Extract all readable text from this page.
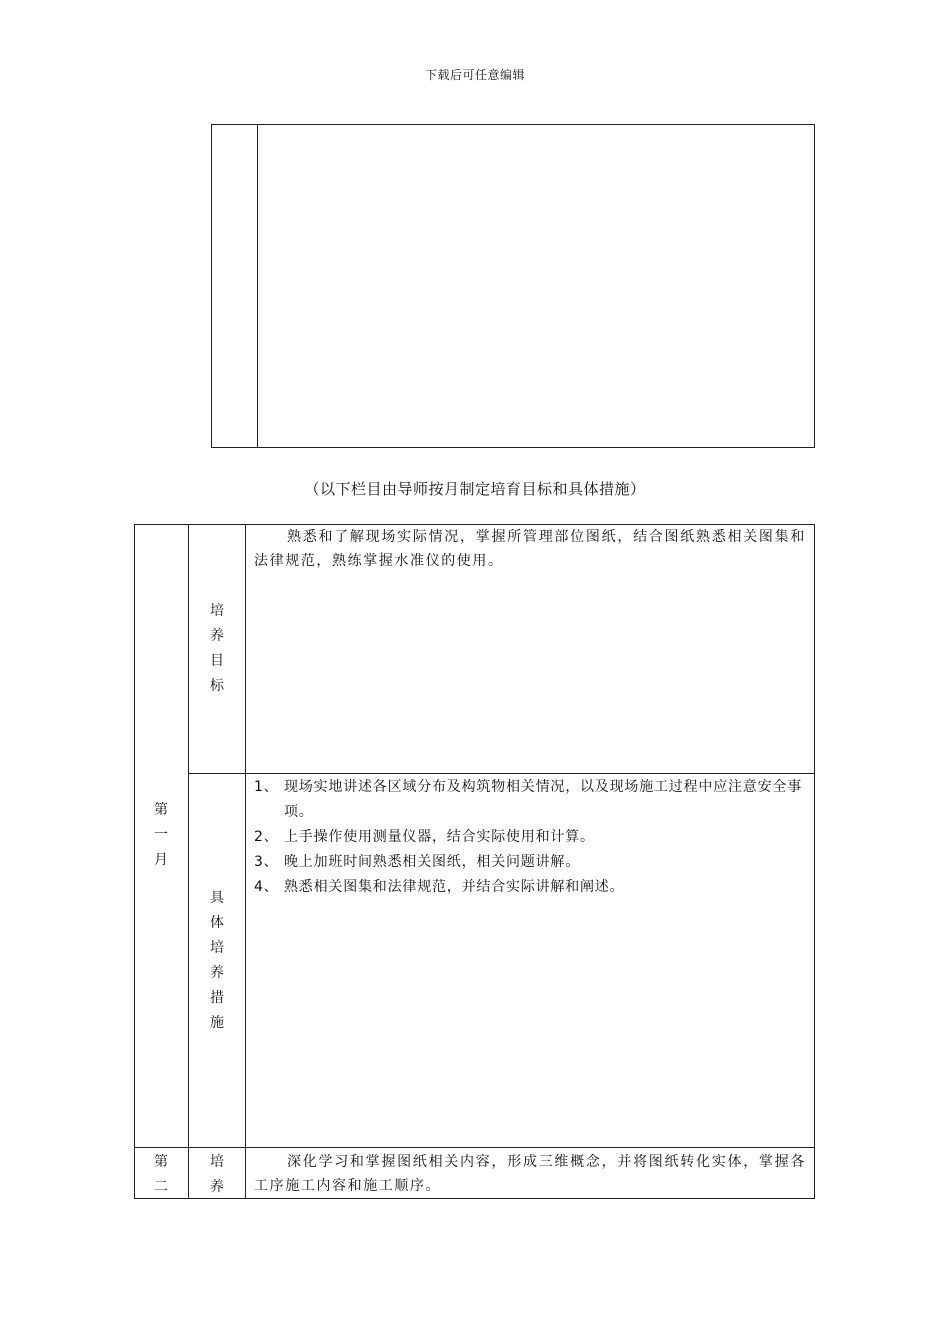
下载后可任意编辑
（以下栏目由导师按月制定培育目标和具体措施）
第
一
月
培
养
目
标

熟悉和了解现场实际情况，掌握所管理部位图纸，结合图纸熟悉相关图集和法律规范，熟练掌握水准仪的使用。

具
体
培
养
措
施
1、 现场实地讲述各区域分布及构筑物相关情况，以及现场施工过程中应注意安全事项。
2、 上手操作使用测量仪器，结合实际使用和计算。
3、 晚上加班时间熟悉相关图纸，相关问题讲解。
4、 熟悉相关图集和法律规范，并结合实际讲解和阐述。
第
二
培
养

深化学习和掌握图纸相关内容，形成三维概念，并将图纸转化实体，掌握各工序施工内容和施工顺序。
